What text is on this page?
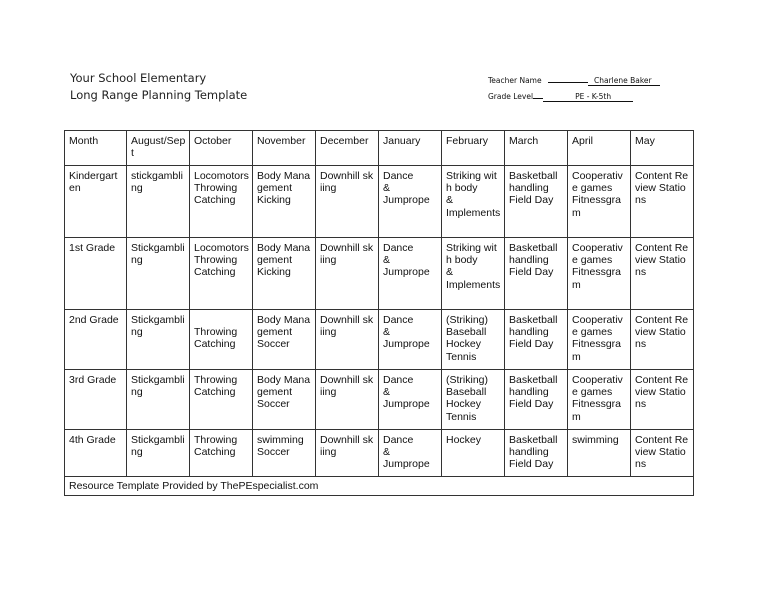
Your School Elementary
Long Range Planning Template
Teacher Name	Charlene Baker
Grade Level	PE - K-5th
Month	August/Sept	October	November	December	January	February	March	April	May

Kindergarten	stickgambling	Locomotors
Throwing
Catching	Body Management
Kicking	Downhill skiing	Dance
&
Jumprope	Striking with body
&
Implements	Basketball handling
Field Day	Cooperative games
Fitnessgram	Content Review Stations

1st Grade	Stickgambling	Locomotors
Throwing
Catching	Body Management
Kicking	Downhill skiing	Dance
&
Jumprope	Striking with body
&
Implements	Basketball handling
Field Day	Cooperative games
Fitnessgram	Content Review Stations

2nd Grade	Stickgambling	Throwing
Catching	Body Management
Soccer	Downhill skiing	Dance
&
Jumprope	(Striking)
Baseball
Hockey
Tennis	Basketball handling
Field Day	Cooperative games
Fitnessgram	Content Review Stations

3rd Grade	Stickgambling	Throwing
Catching	Body Management
Soccer	Downhill skiing	Dance
&
Jumprope	(Striking)
Baseball
Hockey
Tennis	Basketball handling
Field Day	Cooperative games
Fitnessgram	Content Review Stations

4th Grade	Stickgambling	Throwing
Catching	swimming
Soccer	Downhill skiing	Dance
&
Jumprope	Hockey	Basketball handling
Field Day	swimming	Content Review Stations

Resource Template Provided by ThePEspecialist.com									
